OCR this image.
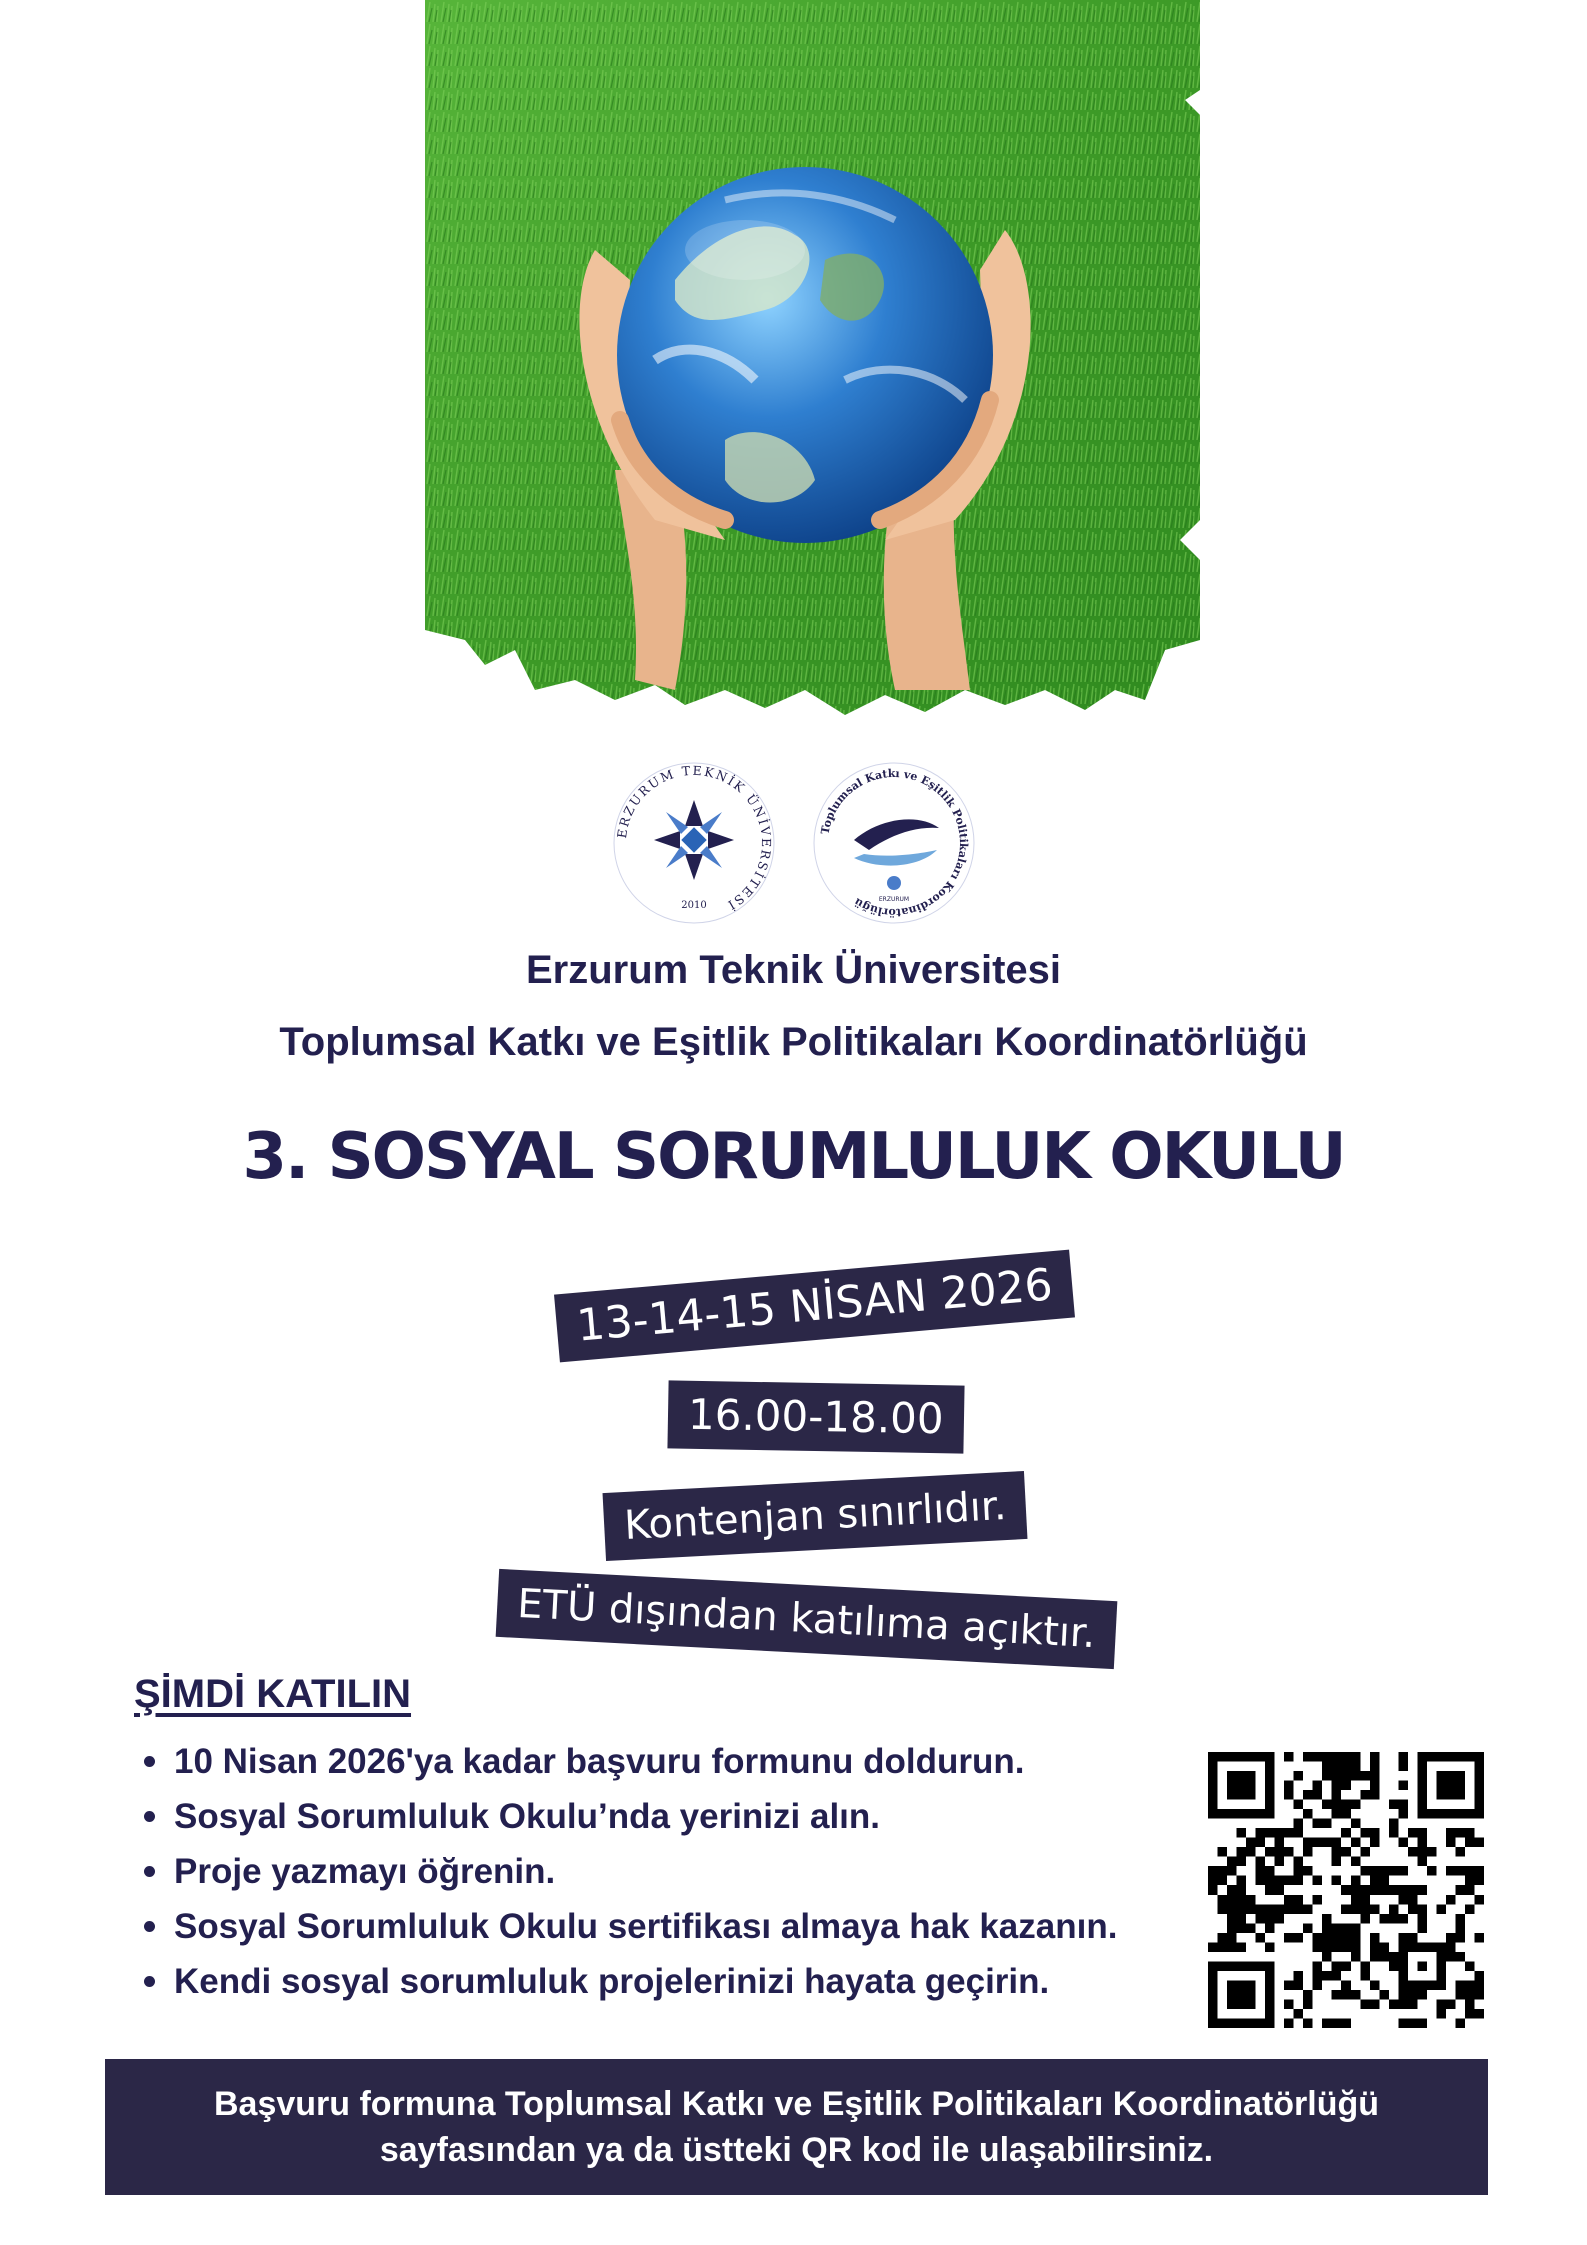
ERZURUM TEKNİK ÜNİVERSİTESİ
2010
Toplumsal Katkı ve Eşitlik Politikaları Koordinatörlüğü	ERZURUM
Erzurum Teknik Üniversitesi
Toplumsal Katkı ve Eşitlik Politikaları Koordinatörlüğü
3. SOSYAL SORUMLULUK OKULU
13-14-15 NİSAN 2026
16.00-18.00
Kontenjan sınırlıdır.
ETÜ dışından katılıma açıktır.
ŞİMDİ KATILIN
10 Nisan 2026'ya kadar başvuru formunu doldurun.
Sosyal Sorumluluk Okulu’nda yerinizi alın.
Proje yazmayı öğrenin.
Sosyal Sorumluluk Okulu sertifikası almaya hak kazanın.
Kendi sosyal sorumluluk projelerinizi hayata geçirin.
Başvuru formuna Toplumsal Katkı ve Eşitlik Politikaları Koordinatörlüğü
sayfasından ya da üstteki QR kod ile ulaşabilirsiniz.
